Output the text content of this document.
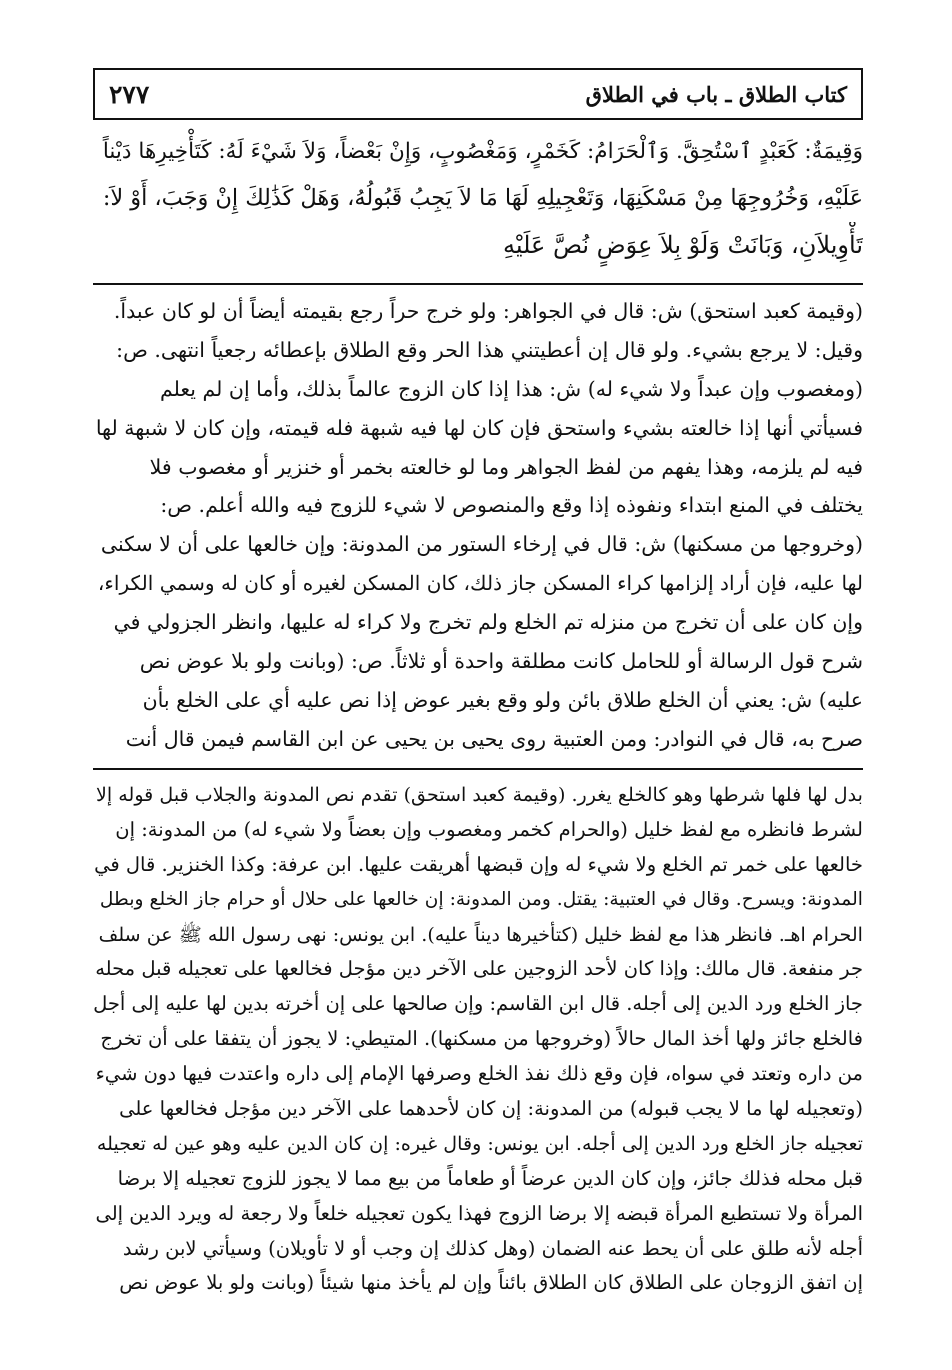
٢٧٧	كتاب الطلاق ـ باب في الطلاق
وَقِيمَةٌ: كَعَبْدٍ ٱسْتُحِقَّ. وَٱلْحَرَامُ: كَخَمْرٍ، وَمَغْصُوبٍ، وَإِنْ بَعْضاً، وَلاَ شَيْءَ لَهُ: كَتَأْخِيرِهَا دَيْناً
عَلَيْهِ، وَخُرُوجِهَا مِنْ مَسْكَنِهَا، وَتَعْجِيلِهِ لَهَا مَا لاَ يَجِبُ قَبُولُهُ، وَهَلْ كَذَٰلِكَ إِنْ وَجَبَ، أَوْ لاَ:
تَأْوِيلاَنِ، وَبَانَتْ وَلَوْ بِلاَ عِوَضٍ نُصَّ عَلَيْهِ
(وقيمة كعبد استحق) ش: قال في الجواهر: ولو خرج حراً رجع بقيمته أيضاً أن لو كان عبداً.
وقيل: لا يرجع بشيء. ولو قال إن أعطيتني هذا الحر وقع الطلاق بإعطائه رجعياً انتهى. ص:
(ومغصوب وإن عبداً ولا شيء له) ش: هذا إذا كان الزوج عالماً بذلك، وأما إن لم يعلم
فسيأتي أنها إذا خالعته بشيء واستحق فإن كان لها فيه شبهة فله قيمته، وإن كان لا شبهة لها
فيه لم يلزمه، وهذا يفهم من لفظ الجواهر وما لو خالعته بخمر أو خنزير أو مغصوب فلا
يختلف في المنع ابتداء ونفوذه إذا وقع والمنصوص لا شيء للزوج فيه والله أعلم. ص:
(وخروجها من مسكنها) ش: قال في إرخاء الستور من المدونة: وإن خالعها على أن لا سكنى
لها عليه، فإن أراد إلزامها كراء المسكن جاز ذلك، كان المسكن لغيره أو كان له وسمي الكراء،
وإن كان على أن تخرج من منزله تم الخلع ولم تخرج ولا كراء له عليها، وانظر الجزولي في
شرح قول الرسالة أو للحامل كانت مطلقة واحدة أو ثلاثاً. ص: (وبانت ولو بلا عوض نص
عليه) ش: يعني أن الخلع طلاق بائن ولو وقع بغير عوض إذا نص عليه أي على الخلع بأن
صرح به، قال في النوادر: ومن العتبية روى يحيى بن يحيى عن ابن القاسم فيمن قال أنت
بدل لها فلها شرطها وهو كالخلع يغرر. (وقيمة كعبد استحق) تقدم نص المدونة والجلاب قبل قوله إلا
لشرط فانظره مع لفظ خليل (والحرام كخمر ومغصوب وإن بعضاً ولا شيء له) من المدونة: إن
خالعها على خمر تم الخلع ولا شيء له وإن قبضها أهريقت عليها. ابن عرفة: وكذا الخنزير. قال في
المدونة: ويسرح. وقال في العتبية: يقتل. ومن المدونة: إن خالعها على حلال أو حرام جاز الخلع وبطل
الحرام اهـ. فانظر هذا مع لفظ خليل (كتأخيرها ديناً عليه). ابن يونس: نهى رسول الله ﷺ عن سلف
جر منفعة. قال مالك: وإذا كان لأحد الزوجين على الآخر دين مؤجل فخالعها على تعجيله قبل محله
جاز الخلع ورد الدين إلى أجله. قال ابن القاسم: وإن صالحها على إن أخرته بدين لها عليه إلى أجل
فالخلع جائز ولها أخذ المال حالاً (وخروجها من مسكنها). المتيطي: لا يجوز أن يتفقا على أن تخرج
من داره وتعتد في سواه، فإن وقع ذلك نفذ الخلع وصرفها الإمام إلى داره واعتدت فيها دون شيء
(وتعجيله لها ما لا يجب قبوله) من المدونة: إن كان لأحدهما على الآخر دين مؤجل فخالعها على
تعجيله جاز الخلع ورد الدين إلى أجله. ابن يونس: وقال غيره: إن كان الدين عليه وهو عين له تعجيله
قبل محله فذلك جائز، وإن كان الدين عرضاً أو طعاماً من بيع مما لا يجوز للزوج تعجيله إلا برضا
المرأة ولا تستطيع المرأة قبضه إلا برضا الزوج فهذا يكون تعجيله خلعاً ولا رجعة له ويرد الدين إلى
أجله لأنه طلق على أن يحط عنه الضمان (وهل كذلك إن وجب أو لا تأويلان) وسيأتي لابن رشد
إن اتفق الزوجان على الطلاق كان الطلاق بائناً وإن لم يأخذ منها شيئاً (وبانت ولو بلا عوض نص
